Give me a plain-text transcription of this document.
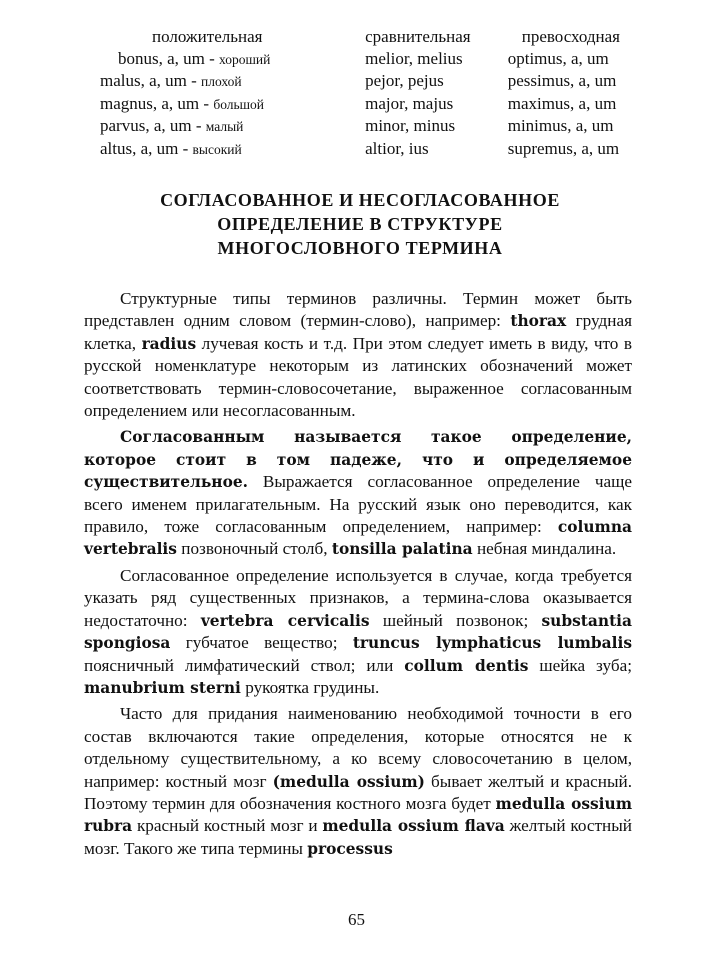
положительная	сравнительная	превосходная
bonus, a, um - хороший	melior, melius	optimus, a, um
malus, a, um - плохой	pejor, pejus	pessimus, a, um
magnus, a, um - большой	major, majus	maximus, a, um
parvus, a, um - малый	minor, minus	minimus, a, um
altus, a, um - высокий	altior, ius	supremus, a, um
СОГЛАСОВАННОЕ И НЕСОГЛАСОВАННОЕ
ОПРЕДЕЛЕНИЕ В СТРУКТУРЕ
МНОГОСЛОВНОГО ТЕРМИНА

Структурные типы терминов различны. Термин может быть представлен одним словом (термин-слово), например: thorax грудная клетка, radius лучевая кость и т.д. При этом следует иметь в виду, что в русской номенклатуре некоторым из латинских обозначений может соответствовать термин-словосочетание, выраженное согласованным определением или несогласованным.

Согласованным называется такое определение, которое стоит в том падеже, что и определяемое существительное. Выражается согласованное определение чаще всего именем прилагательным. На русский язык оно переводится, как правило, тоже согласованным определением, например: columna vertebralis позвоночный столб, tonsilla palatina небная миндалина.

Согласованное определение используется в случае, когда требуется указать ряд существенных признаков, а термина-слова оказывается недостаточно: vertebra cervicalis шейный позвонок; substantia spongiosa губчатое вещество; truncus lymphaticus lumbalis поясничный лимфатический ствол; или collum dentis шейка зуба; manubrium sterni рукоятка грудины.

Часто для придания наименованию необходимой точности в его состав включаются такие определения, которые относятся не к отдельному существительному, а ко всему словосочетанию в целом, например: костный мозг (medulla ossium) бывает желтый и красный. Поэтому термин для обозначения костного мозга будет medulla ossium rubra красный костный мозг и medulla ossium flava желтый костный мозг. Такого же типа термины processus

65
